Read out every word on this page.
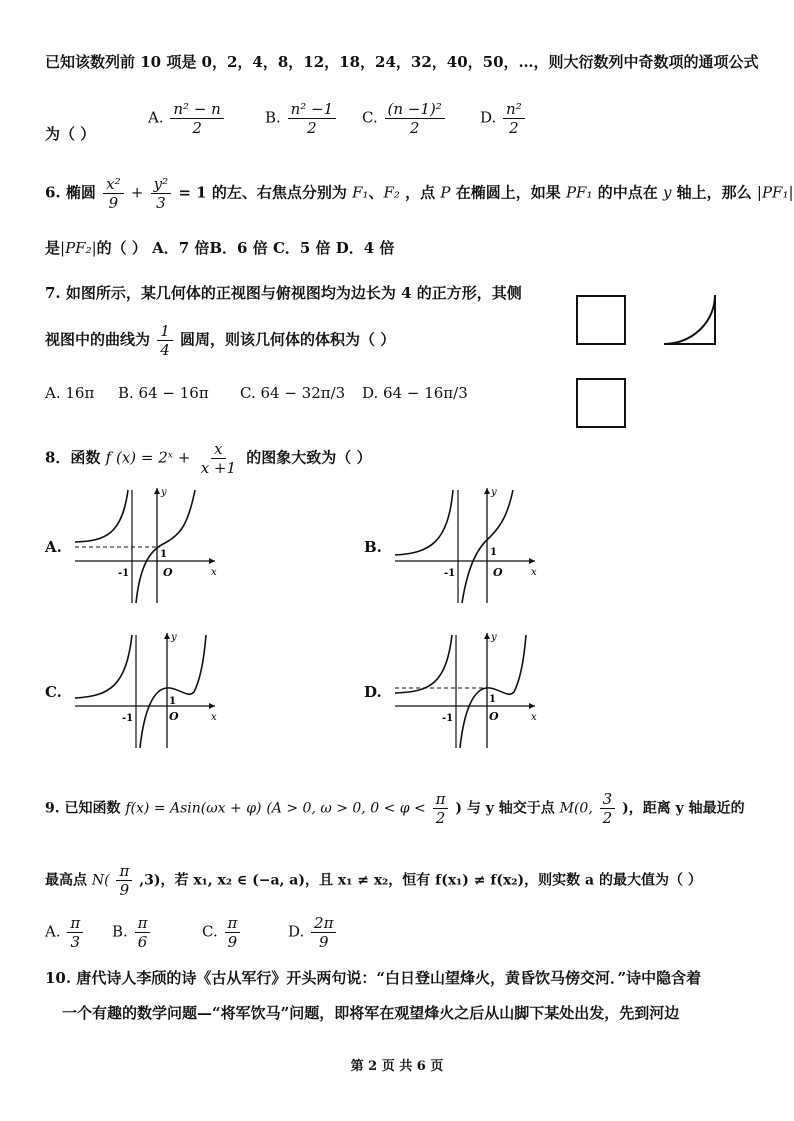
已知该数列前 10 项是 0，2，4，8，12，18，24，32，40，50，…，则大衍数列中奇数项的通项公式
为（ ）
A. $\frac{\text{n² − n}}{2}$	B. $\frac{\text{n² −1}}{2} C$. $\frac{\text{(n −1)²}}{2} D$. $\frac{\text{n²}}{2}$
6. 椭圆 $\frac{\text{x²}}{9} + \frac{\text{y²}}{3} = 1$ 的左、右焦点分别为 F₁、F₂ ，点 P 在椭圆上，如果 PF₁ 的中点在 y 轴上，那么 |PF₁|
是|PF₂|的（ ） A．7 倍B．6 倍 C．5 倍 D．4 倍
7. 如图所示，某几何体的正视图与俯视图均为边长为 4 的正方形，其侧
视图中的曲线为 $\frac{1}{4}$ 圆周，则该几何体的体积为（ ）
A. 16π B. 64 − 16π C. 64 − 32π/3 D. 64 − 16π/3
8．函数 f (x) = 2ˣ + $\frac{x}{x +1}$ 的图象大致为（ ）
A.	B.
C.	D.
y
x
O
1
-1
y
x
O
1
-1
y
x
O
1
-1
y
x
O
1
-1
9. 已知函数 f(x) = Asin(ωx + φ) (A > 0, ω > 0, $0 < \varphi < \frac{\pi}{2}$ ) 与 y 轴交于点 M(0, $\frac{3}{2}$ )，距离 y 轴最近的
最高点 $N( \frac{\pi}{9} ,3)$，若 x₁, x₂ ∈ (−a, a)，且 x₁ ≠ x₂，恒有 f(x₁) ≠ f(x₂)，则实数 a 的最大值为（ ）
A. $\frac{\pi}{3} B$. $\frac{\pi}{6}$	C. $\frac{\pi}{9}$	D. $\frac{2\pi}{9}$
10. 唐代诗人李颀的诗《古从军行》开头两句说：“白日登山望烽火，黄昏饮马傍交河．”诗中隐含着
一个有趣的数学问题—“将军饮马”问题，即将军在观望烽火之后从山脚下某处出发，先到河边
第 2 页 共 6 页
